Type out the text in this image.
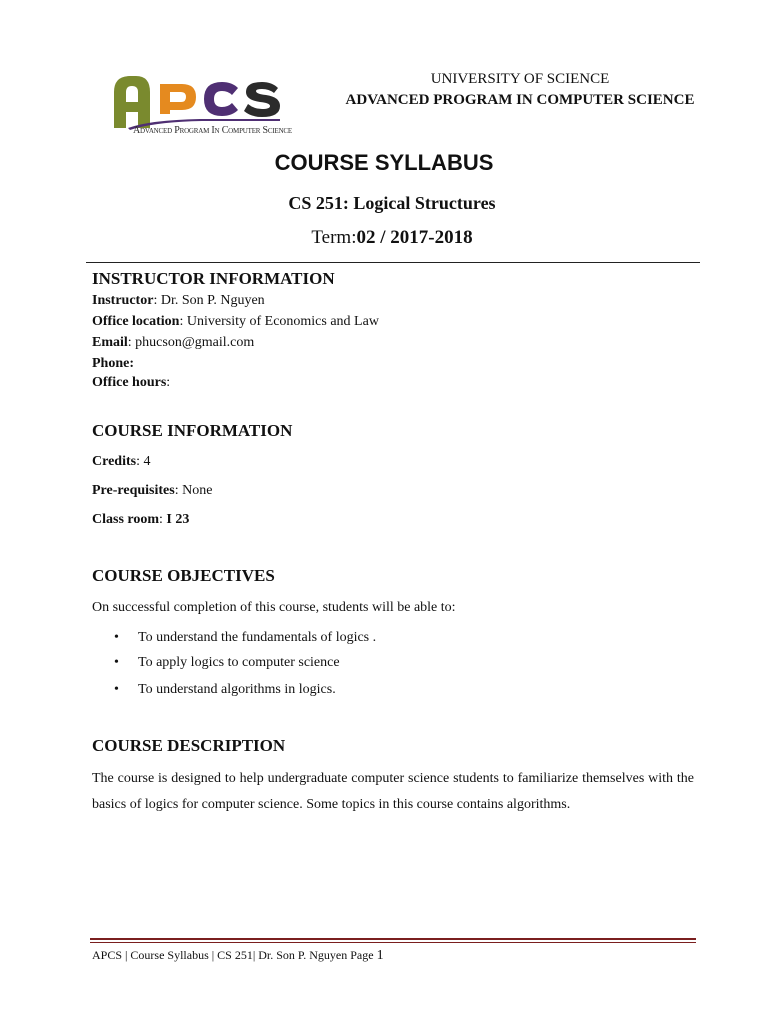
Advanced Program In Computer Science
UNIVERSITY OF SCIENCE
ADVANCED PROGRAM IN COMPUTER SCIENCE
COURSE SYLLABUS
CS 251: Logical Structures
Term:02 / 2017-2018
INSTRUCTOR INFORMATION
Instructor: Dr. Son P. Nguyen
Office location: University of Economics and Law
Email: phucson@gmail.com
Phone:
Office hours:
COURSE INFORMATION
Credits: 4
Pre-requisites: None
Class room: I 23
COURSE OBJECTIVES
On successful completion of this course, students will be able to:
• To understand the fundamentals of logics .
• To apply logics to computer science
• To understand algorithms in logics.
COURSE DESCRIPTION
The course is designed to help undergraduate computer science students to familiarize themselves with the basics of logics for computer science. Some topics in this course contains algorithms.
APCS | Course Syllabus | CS 251| Dr. Son P. Nguyen Page 1
